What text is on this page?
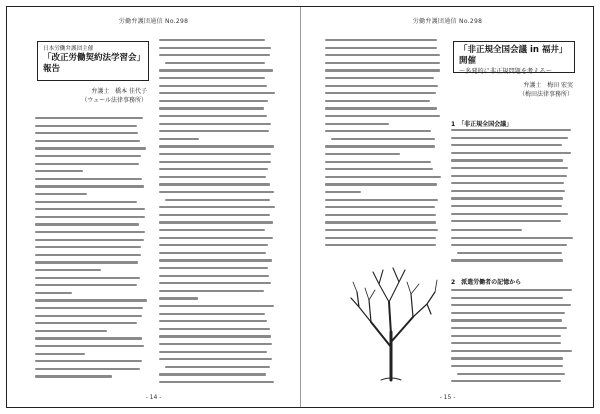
労働弁護団通信 No.298
日本労働弁護団主催
「改正労働契約法学習会」報告
弁護士 橋本 佳代子
（ウェール法律事務所）
- 14 -
労働弁護団通信 No.298
「非正規全国会議 in 福井」開催
～多発的に非正規問題を考える～
弁護士 梅田 宏実
（梅田法律事務所）
1　「非正規全国会議」
2　派遣労働者の記憶から
- 15 -
